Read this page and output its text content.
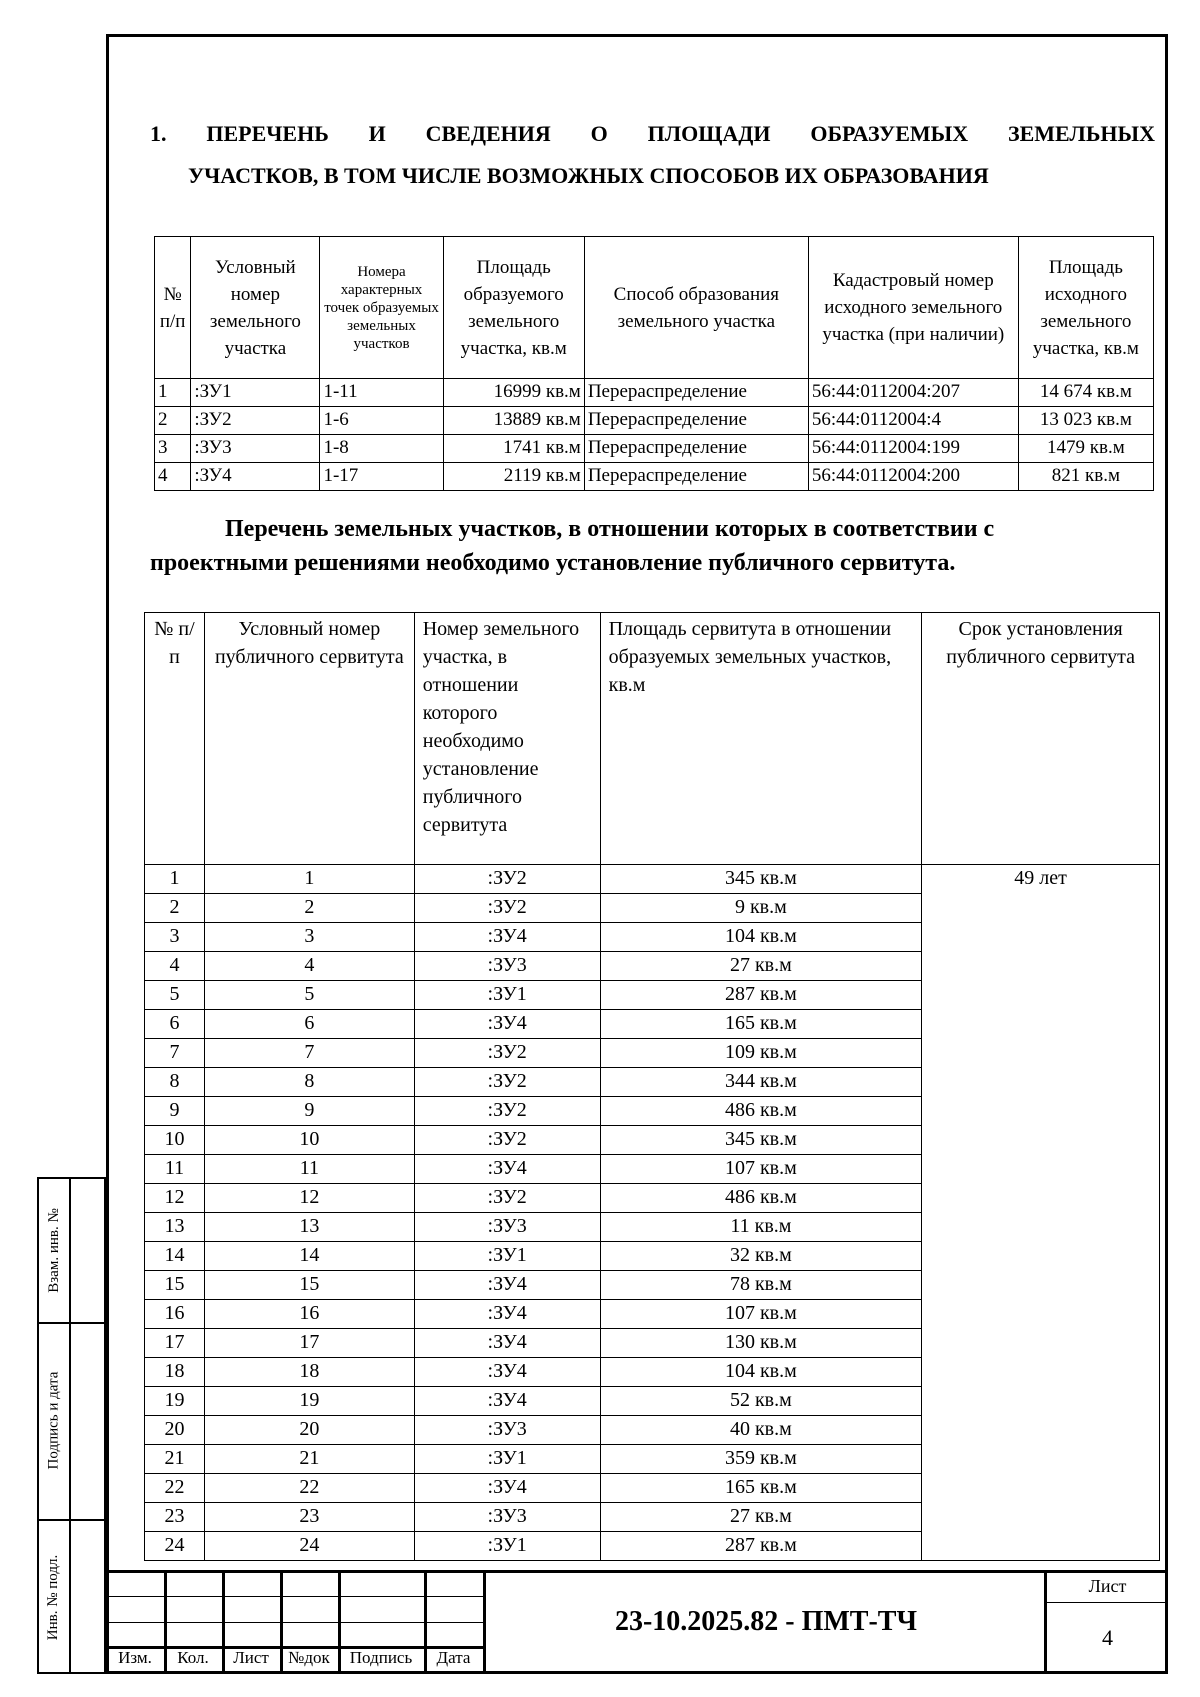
Взам. инв. №
Подпись и дата
Инв. № подл.
1. ПЕРЕЧЕНЬ И СВЕДЕНИЯ О ПЛОЩАДИ ОБРАЗУЕМЫХ ЗЕМЕЛЬНЫХ
УЧАСТКОВ, В ТОМ ЧИСЛЕ ВОЗМОЖНЫХ СПОСОБОВ ИХ ОБРАЗОВАНИЯ
№ п/п	Условный номер земельного участка	Номера характерных точек образуемых земельных участков	Площадь образуемого земельного участка, кв.м	Способ образования земельного участка	Кадастровый номер исходного земельного участка (при наличии)	Площадь исходного земельного участка, кв.м
1	:ЗУ1	1-11	16999 кв.м	Перераспределение	56:44:0112004:207	14 674 кв.м
2	:ЗУ2	1-6	13889 кв.м	Перераспределение	56:44:0112004:4	13 023 кв.м
3	:ЗУ3	1-8	1741 кв.м	Перераспределение	56:44:0112004:199	1479 кв.м
4	:ЗУ4	1-17	2119 кв.м	Перераспределение	56:44:0112004:200	821 кв.м
Перечень земельных участков, в отношении которых в соответствии с
проектными решениями необходимо установление публичного сервитута.
№ п/п	Условный номер публичного сервитута	Номер земельного участка, в отношении которого необходимо установление публичного сервитута	Площадь сервитута в отношении образуемых земельных участков, кв.м	Срок установления публичного сервитута
1	1	:ЗУ2	345 кв.м	49 лет
2	2	:ЗУ2	9 кв.м	
3	3	:ЗУ4	104 кв.м	
4	4	:ЗУ3	27 кв.м	
5	5	:ЗУ1	287 кв.м	
6	6	:ЗУ4	165 кв.м	
7	7	:ЗУ2	109 кв.м	
8	8	:ЗУ2	344 кв.м	
9	9	:ЗУ2	486 кв.м	
10	10	:ЗУ2	345 кв.м	
11	11	:ЗУ4	107 кв.м	
12	12	:ЗУ2	486 кв.м	
13	13	:ЗУ3	11 кв.м	
14	14	:ЗУ1	32 кв.м	
15	15	:ЗУ4	78 кв.м	
16	16	:ЗУ4	107 кв.м	
17	17	:ЗУ4	130 кв.м	
18	18	:ЗУ4	104 кв.м	
19	19	:ЗУ4	52 кв.м	
20	20	:ЗУ3	40 кв.м	
21	21	:ЗУ1	359 кв.м	
22	22	:ЗУ4	165 кв.м	
23	23	:ЗУ3	27 кв.м	
24	24	:ЗУ1	287 кв.м	
Изм.	Кол.	Лист	№док	Подпись	Дата
23-10.2025.82 - ПМТ-ТЧ
Лист
4
